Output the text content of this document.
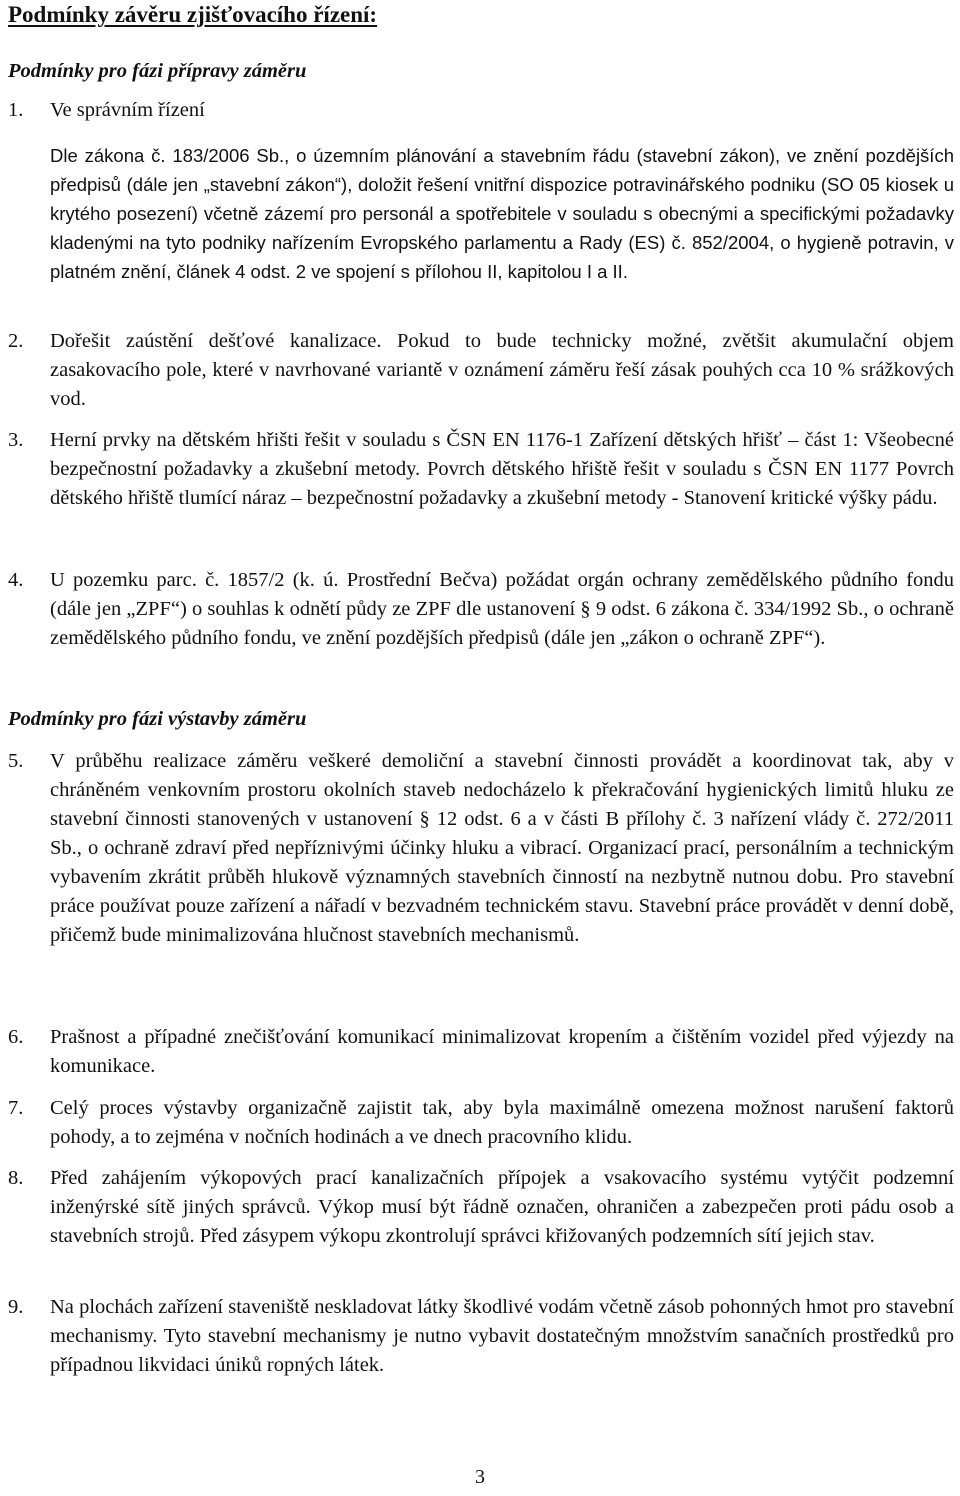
Podmínky závěru zjišťovacího řízení:
Podmínky pro fázi přípravy záměru
1. Ve správním řízení
Dle zákona č. 183/2006 Sb., o územním plánování a stavebním řádu (stavební zákon), ve znění pozdějších předpisů (dále jen „stavební zákon“), doložit řešení vnitřní dispozice potravinářského podniku (SO 05 kiosek u krytého posezení) včetně zázemí pro personál a spotřebitele v souladu s obecnými a specifickými požadavky kladenými na tyto podniky nařízením Evropského parlamentu a Rady (ES) č. 852/2004, o hygieně potravin, v platném znění, článek 4 odst. 2 ve spojení s přílohou II, kapitolou I a II.
2. Dořešit zaústění dešťové kanalizace. Pokud to bude technicky možné, zvětšit akumulační objem zasakovacího pole, které v navrhované variantě v oznámení záměru řeší zásak pouhých cca 10 % srážkových vod.
3. Herní prvky na dětském hřišti řešit v souladu s ČSN EN 1176-1 Zařízení dětských hřišť – část 1: Všeobecné bezpečnostní požadavky a zkušební metody. Povrch dětského hřiště řešit v souladu s ČSN EN 1177 Povrch dětského hřiště tlumící náraz – bezpečnostní požadavky a zkušební metody - Stanovení kritické výšky pádu.
4. U pozemku parc. č. 1857/2 (k. ú. Prostřední Bečva) požádat orgán ochrany zemědělského půdního fondu (dále jen „ZPF“) o souhlas k odnětí půdy ze ZPF dle ustanovení § 9 odst. 6 zákona č. 334/1992 Sb., o ochraně zemědělského půdního fondu, ve znění pozdějších předpisů (dále jen „zákon o ochraně ZPF“).
Podmínky pro fázi výstavby záměru
5. V průběhu realizace záměru veškeré demoliční a stavební činnosti provádět a koordinovat tak, aby v chráněném venkovním prostoru okolních staveb nedocházelo k překračování hygienických limitů hluku ze stavební činnosti stanovených v ustanovení § 12 odst. 6 a v části B přílohy č. 3 nařízení vlády č. 272/2011 Sb., o ochraně zdraví před nepříznivými účinky hluku a vibrací. Organizací prací, personálním a technickým vybavením zkrátit průběh hlukově významných stavebních činností na nezbytně nutnou dobu. Pro stavební práce používat pouze zařízení a nářadí v bezvadném technickém stavu. Stavební práce provádět v denní době, přičemž bude minimalizována hlučnost stavebních mechanismů.
6. Prašnost a případné znečišťování komunikací minimalizovat kropením a čištěním vozidel před výjezdy na komunikace.
7. Celý proces výstavby organizačně zajistit tak, aby byla maximálně omezena možnost narušení faktorů pohody, a to zejména v nočních hodinách a ve dnech pracovního klidu.
8. Před zahájením výkopových prací kanalizačních přípojek a vsakovacího systému vytýčit podzemní inženýrské sítě jiných správců. Výkop musí být řádně označen, ohraničen a zabezpečen proti pádu osob a stavebních strojů. Před zásypem výkopu zkontrolují správci křižovaných podzemních sítí jejich stav.
9. Na plochách zařízení staveniště neskladovat látky škodlivé vodám včetně zásob pohonných hmot pro stavební mechanismy. Tyto stavební mechanismy je nutno vybavit dostatečným množstvím sanačních prostředků pro případnou likvidaci úniků ropných látek.
3
